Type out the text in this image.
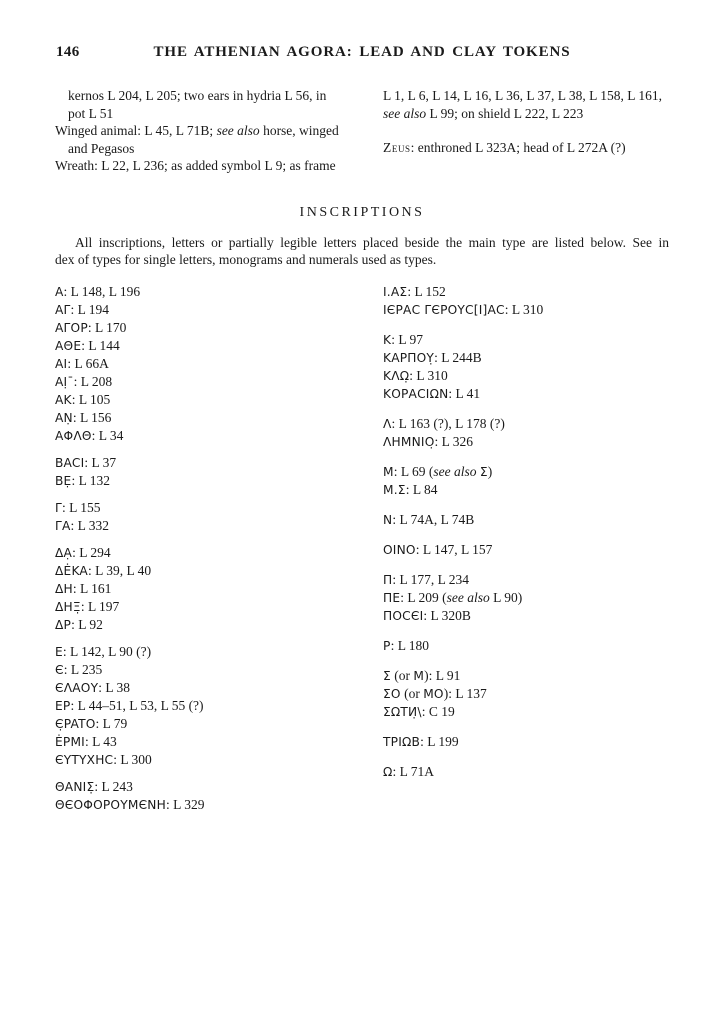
146	THE ATHENIAN AGORA: LEAD AND CLAY TOKENS
kernos L 204, L 205; two ears in hydria L 56, in
pot L 51
Winged animal: L 45, L 71B; see also horse, winged
and Pegasos
Wreath: L 22, L 236; as added symbol L 9; as frame
L 1, L 6, L 14, L 16, L 36, L 37, L 38, L 158, L 161,
see also L 99; on shield L 222, L 223
Zeus: enthroned L 323A; head of L 272A (?)
INSCRIPTIONS
All inscriptions, letters or partially legible letters placed beside the main type are listed below. See in
dex of types for single letters, monograms and numerals used as types.
A: L 148, L 196
AΓ: L 194
AΓOP: L 170
AΘE: L 144
AI: L 66A
AỊ¯: L 208
AK: L 105
AṆ: L 156
AΦΛΘ: L 34
BACI: L 37
BẸ: L 132
Γ: L 155
ΓA: L 332
ΔẠ: L 294
ΔĖKA: L 39, L 40
ΔH: L 161
ΔHΞ̣: L 197
ΔP: L 92
E: L 142, L 90 (?)
Є: L 235
ЄΛΑΟΥ: L 38
EP: L 44–51, L 53, L 55 (?)
Є̣PATO: L 79
ĖPMI: L 43
ЄYTYXHC: L 300
ΘΑΝΙΣ̣: L 243
ΘЄΟΦΟΡΟΥΜЄΝΗ: L 329
Ι.ΑΣ: L 152
ΙЄΡΑC ΓЄΡΟΥC[Ι]ΑC: L 310
K: L 97
ΚΑΡΠΟΥ̣: L 244B
ΚΛΩ̣: L 310
ΚΟΡΑCΙΩΝ: L 41
Λ: L 163 (?), L 178 (?)
ΛΗΜΝΙΟ̣: L 326
M: L 69 (see also Σ)
M.Σ: L 84
N: L 74A, L 74B
ΟΙΝΟ: L 147, L 157
Π: L 177, L 234
ΠΕ: L 209 (see also L 90)
ΠΟCЄΙ: L 320B
P: L 180
Σ (or M): L 91
ΣΟ (or ΜΟ): L 137
ΣΩΤИ̣\: C 19
ΤΡΙΩΒ: L 199
Ω: L 71A
